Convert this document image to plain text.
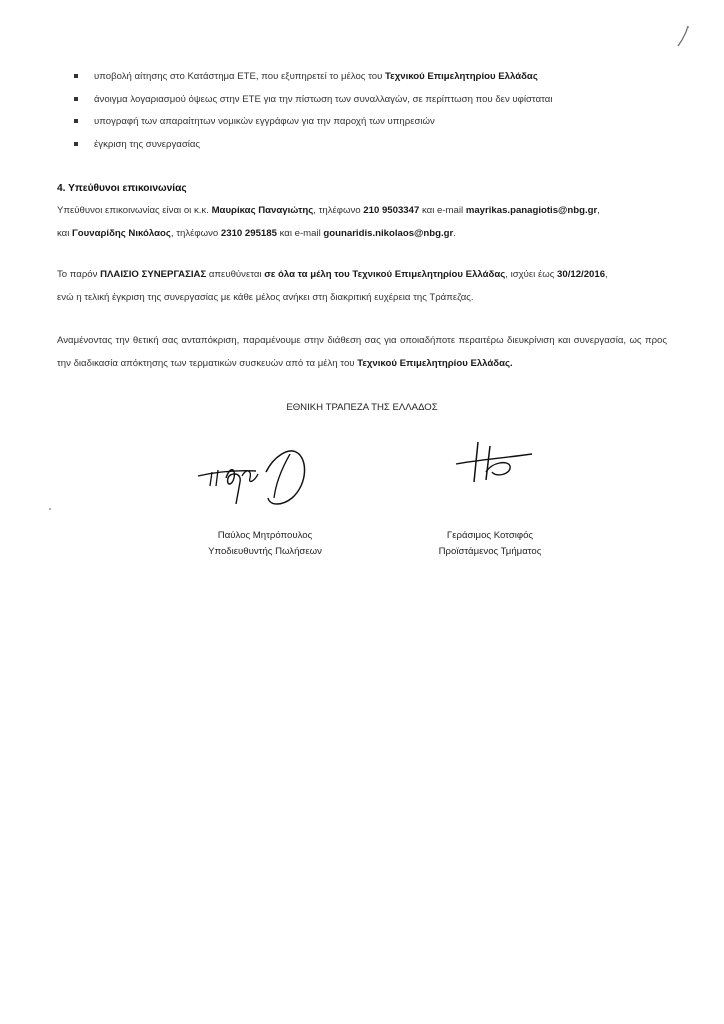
υποβολή αίτησης στο Κατάστημα ΕΤΕ, που εξυπηρετεί το μέλος του Τεχνικού Επιμελητηρίου Ελλάδας
άνοιγμα λογαριασμού όψεως στην ΕΤΕ για την πίστωση των συναλλαγών, σε περίπτωση που δεν υφίσταται
υπογραφή των απαραίτητων νομικών εγγράφων για την παροχή των υπηρεσιών
έγκριση της συνεργασίας
4. Υπεύθυνοι επικοινωνίας
Υπεύθυνοι επικοινωνίας είναι οι κ.κ. Μαυρίκας Παναγιώτης, τηλέφωνο 210 9503347 και e-mail mayrikas.panagiotis@nbg.gr,
και Γουναρίδης Νικόλαος, τηλέφωνο 2310 295185 και e-mail gounaridis.nikolaos@nbg.gr.
Το παρόν ΠΛΑΙΣΙΟ ΣΥΝΕΡΓΑΣΙΑΣ απευθύνεται σε όλα τα μέλη του Τεχνικού Επιμελητηρίου Ελλάδας, ισχύει έως 30/12/2016,
ενώ η τελική έγκριση της συνεργασίας με κάθε μέλος ανήκει στη διακριτική ευχέρεια της Τράπεζας.
Αναμένοντας την θετική σας ανταπόκριση, παραμένουμε στην διάθεση σας για οποιαδήποτε περαιτέρω διευκρίνιση και συνεργασία, ως προς την διαδικασία απόκτησης των τερματικών συσκευών από τα μέλη του Τεχνικού Επιμελητηρίου Ελλάδας.
ΕΘΝΙΚΗ ΤΡΑΠΕΖΑ ΤΗΣ ΕΛΛΑΔΟΣ
Παύλος Μητρόπουλος
Υποδιευθυντής Πωλήσεων
Γεράσιμος Κοτσιφός
Προϊστάμενος Τμήματος
